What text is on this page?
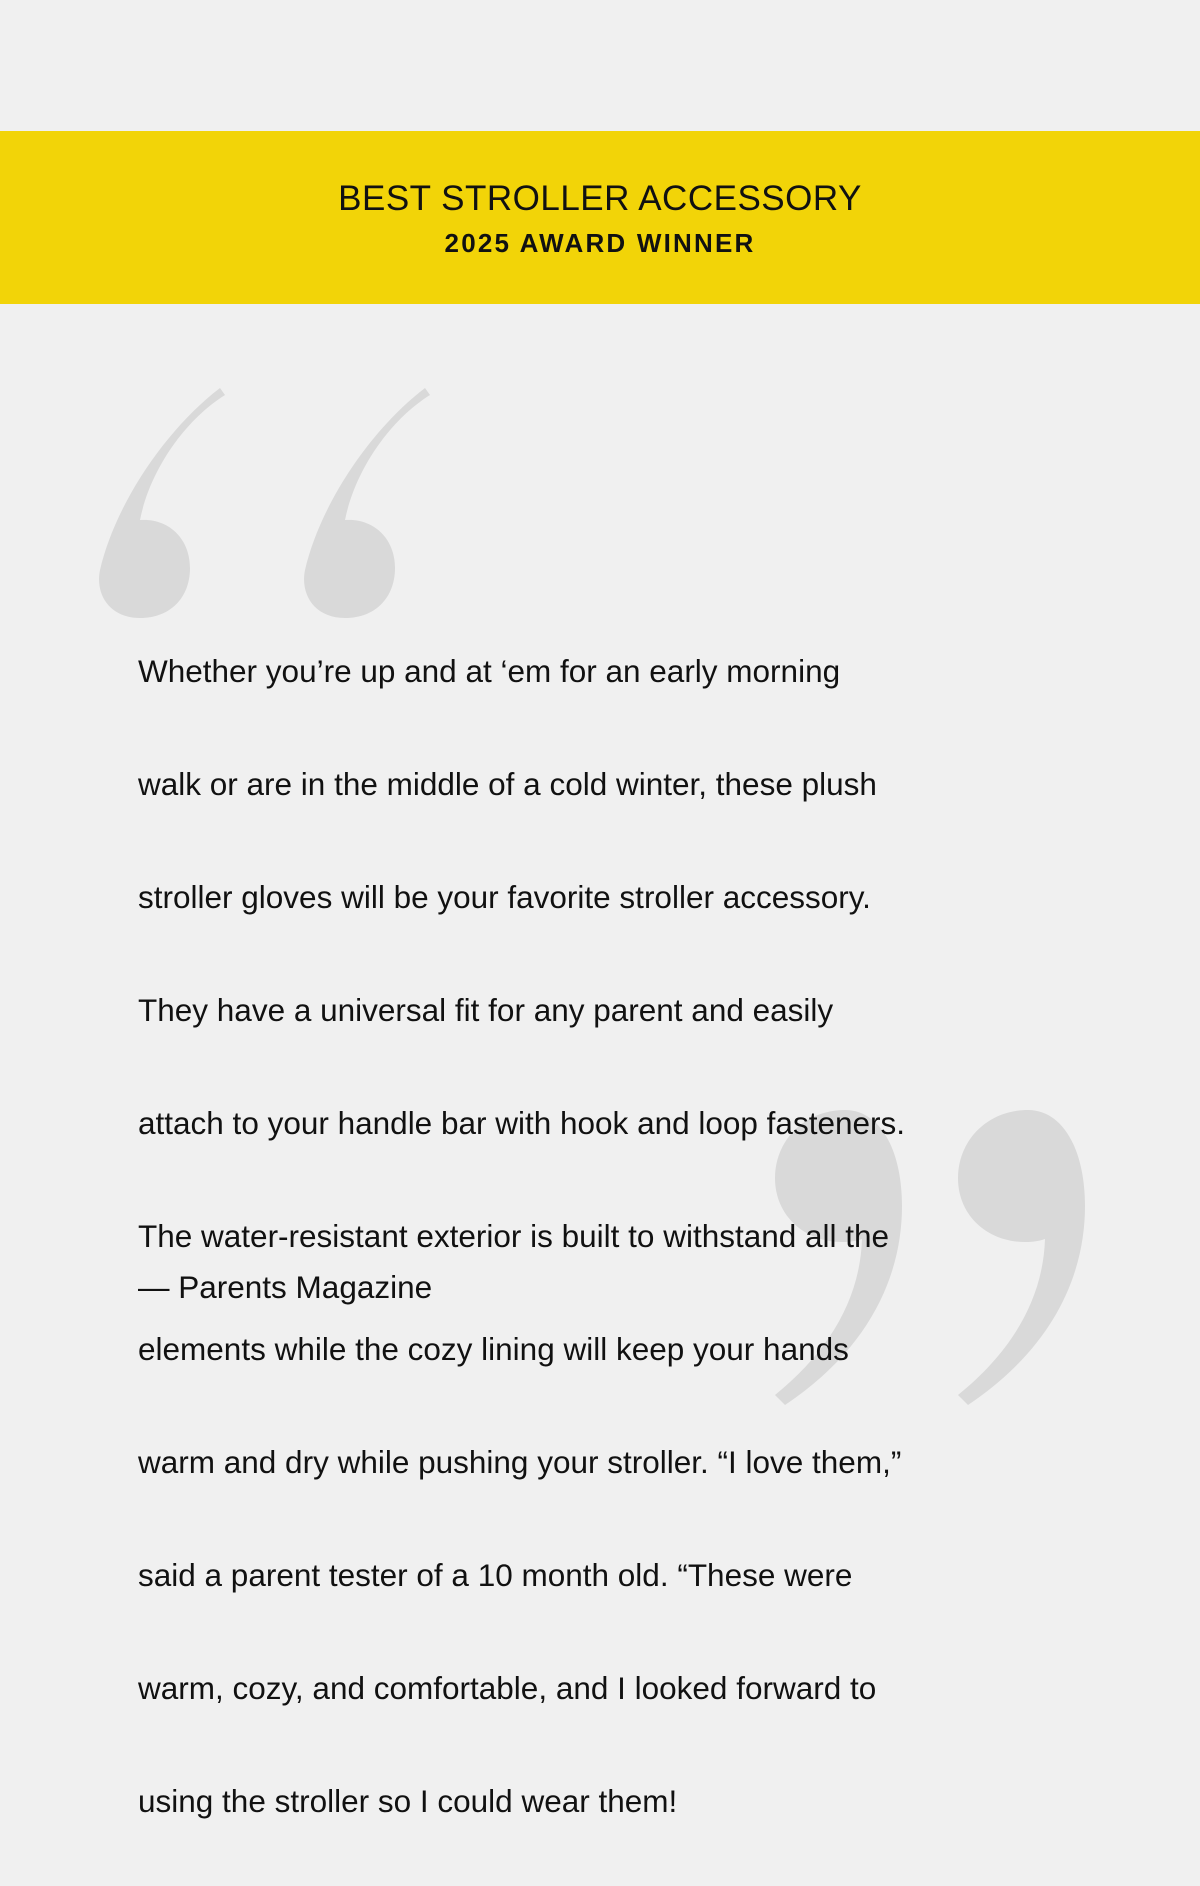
BEST STROLLER ACCESSORY
2025 AWARD WINNER

Whether you’re up and at ‘em for an early morning

walk or are in the middle of a cold winter, these plush

stroller gloves will be your favorite stroller accessory.

They have a universal fit for any parent and easily

attach to your handle bar with hook and loop fasteners.

The water-resistant exterior is built to withstand all the

elements while the cozy lining will keep your hands

warm and dry while pushing your stroller. “I love them,”

said a parent tester of a 10 month old. “These were

warm, cozy, and comfortable, and I looked forward to

using the stroller so I could wear them!

— Parents Magazine
